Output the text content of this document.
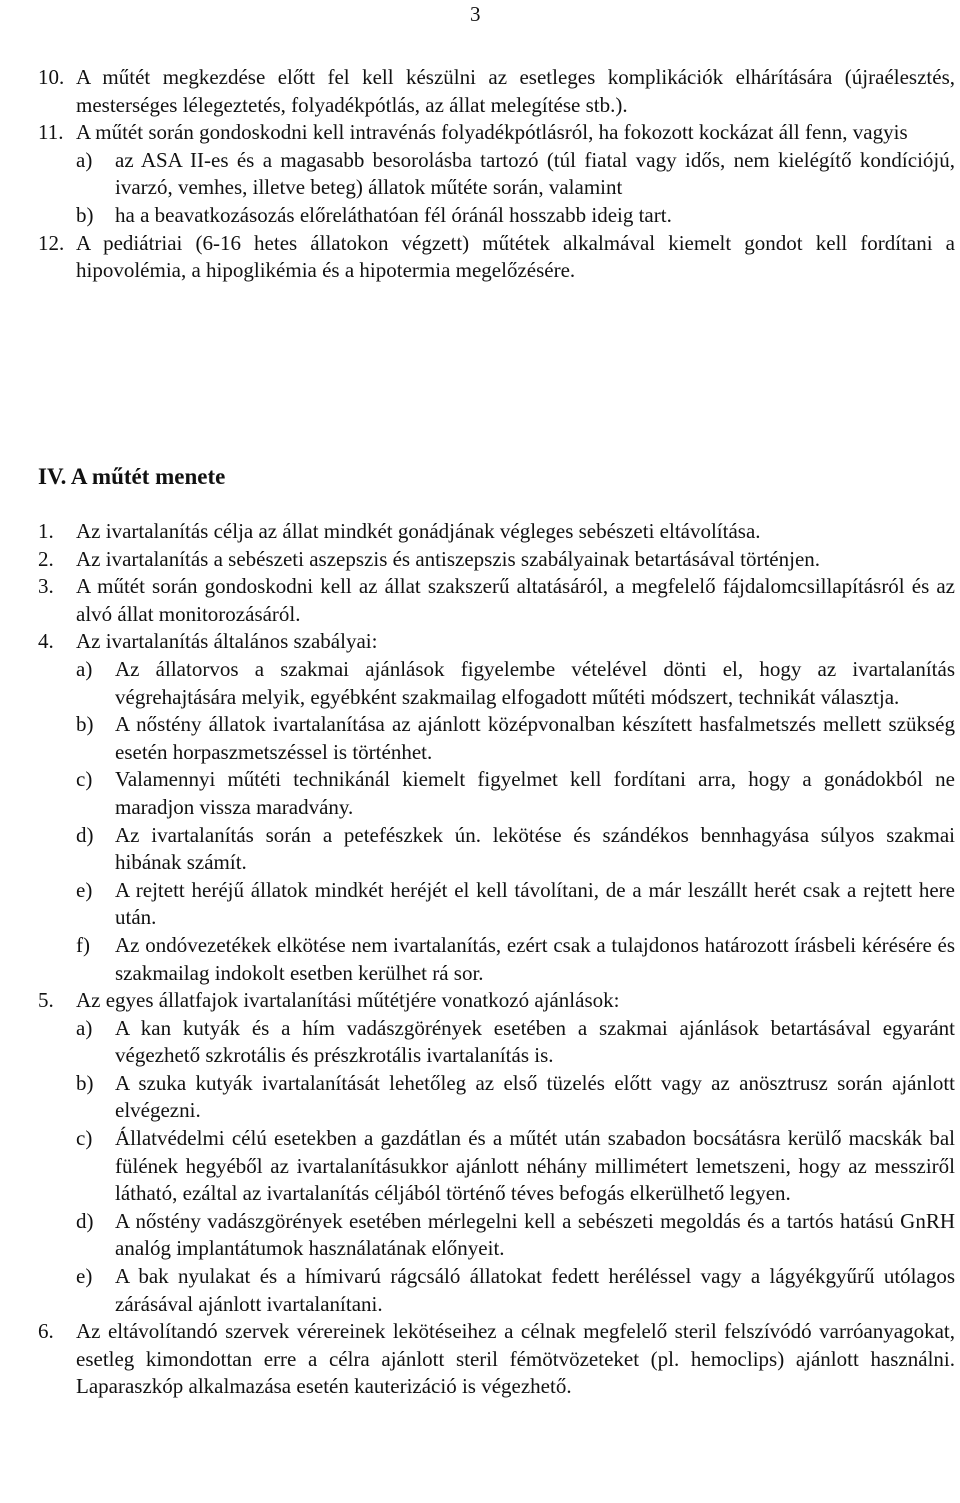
3
10. A műtét megkezdése előtt fel kell készülni az esetleges komplikációk elhárítására (újraélesztés, mesterséges lélegeztetés, folyadékpótlás, az állat melegítése stb.).
11. A műtét során gondoskodni kell intravénás folyadékpótlásról, ha fokozott kockázat áll fenn, vagyis
a) az ASA II-es és a magasabb besorolásba tartozó (túl fiatal vagy idős, nem kielégítő kondíciójú, ivarzó, vemhes, illetve beteg) állatok műtéte során, valamint
b) ha a beavatkozásozás előreláthatóan fél óránál hosszabb ideig tart.
12. A pediátriai (6-16 hetes állatokon végzett) műtétek alkalmával kiemelt gondot kell fordítani a hipovolémia, a hipoglikémia és a hipotermia megelőzésére.
IV. A műtét menete
1. Az ivartalanítás célja az állat mindkét gonádjának végleges sebészeti eltávolítása.
2. Az ivartalanítás a sebészeti aszepszis és antiszepszis szabályainak betartásával történjen.
3. A műtét során gondoskodni kell az állat szakszerű altatásáról, a megfelelő fájdalomcsillapításról és az alvó állat monitorozásáról.
4. Az ivartalanítás általános szabályai:
a) Az állatorvos a szakmai ajánlások figyelembe vételével dönti el, hogy az ivartalanítás végrehajtására melyik, egyébként szakmailag elfogadott műtéti módszert, technikát választja.
b) A nőstény állatok ivartalanítása az ajánlott középvonalban készített hasfalmetszés mellett szükség esetén horpaszmetszéssel is történhet.
c) Valamennyi műtéti technikánál kiemelt figyelmet kell fordítani arra, hogy a gonádokból ne maradjon vissza maradvány.
d) Az ivartalanítás során a petefészkek ún. lekötése és szándékos bennhagyása súlyos szakmai hibának számít.
e) A rejtett heréjű állatok mindkét heréjét el kell távolítani, de a már leszállt herét csak a rejtett here után.
f) Az ondóvezetékek elkötése nem ivartalanítás, ezért csak a tulajdonos határozott írásbeli kérésére és szakmailag indokolt esetben kerülhet rá sor.
5. Az egyes állatfajok ivartalanítási műtétjére vonatkozó ajánlások:
a) A kan kutyák és a hím vadászgörények esetében a szakmai ajánlások betartásával egyaránt végezhető szkrotális és prészkrotális ivartalanítás is.
b) A szuka kutyák ivartalanítását lehetőleg az első tüzelés előtt vagy az anösztrusz során ajánlott elvégezni.
c) Állatvédelmi célú esetekben a gazdátlan és a műtét után szabadon bocsátásra kerülő macskák bal fülének hegyéből az ivartalanításukkor ajánlott néhány millimétert lemetszeni, hogy az messziről látható, ezáltal az ivartalanítás céljából történő téves befogás elkerülhető legyen.
d) A nőstény vadászgörények esetében mérlegelni kell a sebészeti megoldás és a tartós hatású GnRH analóg implantátumok használatának előnyeit.
e) A bak nyulakat és a hímivarú rágcsáló állatokat fedett heréléssel vagy a lágyékgyűrű utólagos zárásával ajánlott ivartalanítani.
6. Az eltávolítandó szervek vérereinek lekötéseihez a célnak megfelelő steril felszívódó varróanyagokat, esetleg kimondottan erre a célra ajánlott steril fémötvözeteket (pl. hemoclips) ajánlott használni. Laparaszkóp alkalmazása esetén kauterizáció is végezhető.
